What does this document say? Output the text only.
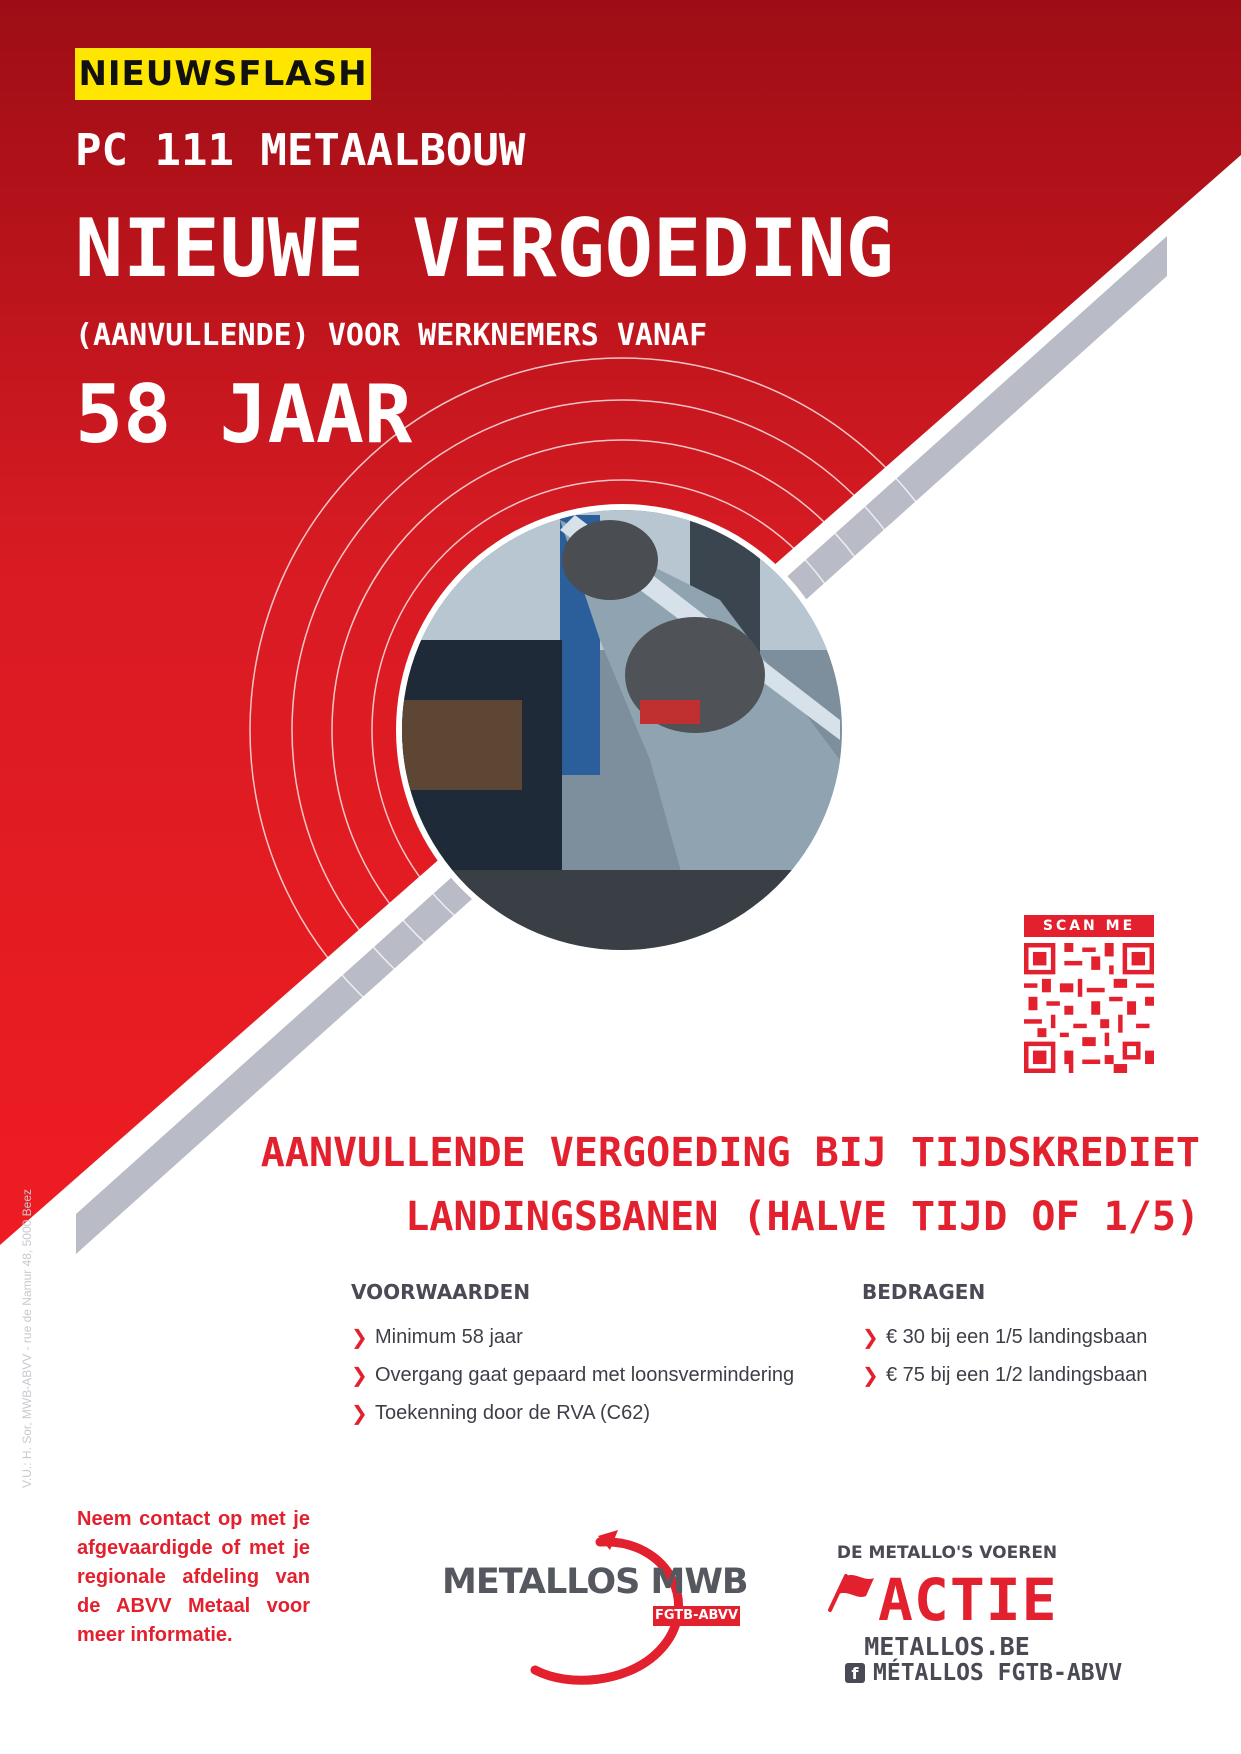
NIEUWSFLASH
PC 111 METAALBOUW
NIEUWE VERGOEDING
(AANVULLENDE) VOOR WERKNEMERS VANAF
58 JAAR
SCAN ME
AANVULLENDE VERGOEDING BIJ TIJDSKREDIET
LANDINGSBANEN (HALVE TIJD OF 1/5)
VOORWAARDEN
❯ Minimum 58 jaar
❯ Overgang gaat gepaard met loonsvermindering
❯ Toekenning door de RVA (C62)
BEDRAGEN
❯ € 30 bij een 1/5 landingsbaan
❯ € 75 bij een 1/2 landingsbaan
Neem contact op met je afgevaardigde of met je regionale afdeling van de ABVV Metaal voor meer informatie.
METALLOS MWB
FGTB-ABVV
DE METALLO'S VOEREN
ACTIE
METALLOS.BE
f MÉTALLOS FGTB-ABVV
V.U.: H. Sor, MWB-ABVV - rue de Namur 48, 5000 Beez
